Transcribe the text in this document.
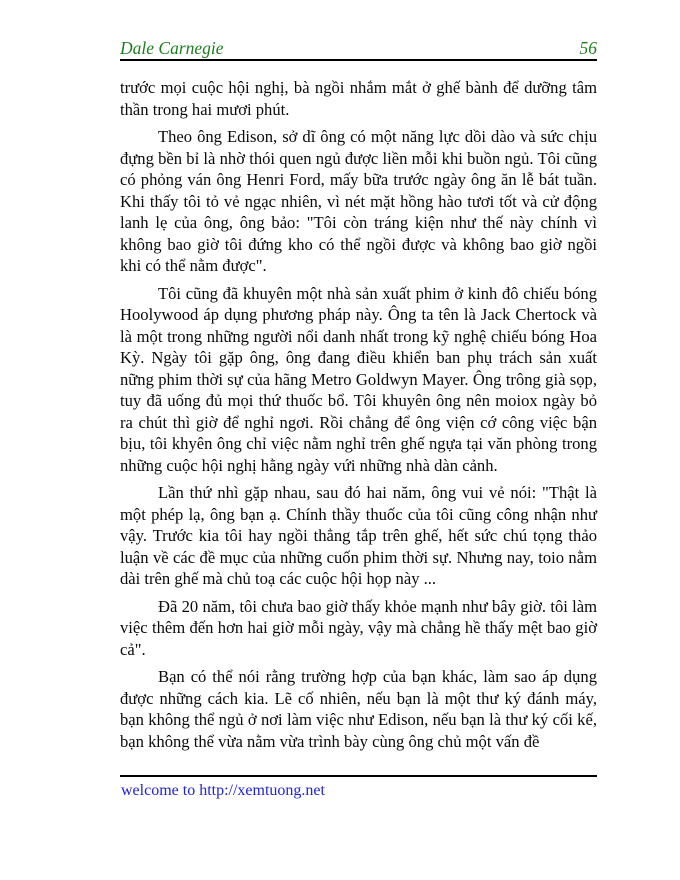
Dale Carnegie	56

trước mọi cuộc hội nghị, bà ngồi nhắm mắt ở ghế bành để dưỡng tâm thần trong hai mươi phút.

Theo ông Edison, sở dĩ ông có một năng lực dồi dào và sức chịu đựng bền bỉ là nhờ thói quen ngủ được liền mỗi khi buồn ngủ. Tôi cũng có phỏng ván ông Henri Ford, mấy bữa trước ngày ông ăn lễ bát tuần. Khi thấy tôi tỏ vẻ ngạc nhiên, vì nét mặt hồng hào tươi tốt và cử động lanh lẹ của ông, ông bảo: "Tôi còn tráng kiện như thế này chính vì không bao giờ tôi đứng kho có thể ngồi được và không bao giờ ngồi khi có thể nằm được".

Tôi cũng đã khuyên một nhà sản xuất phim ở kinh đô chiếu bóng Hoolywood áp dụng phương pháp này. Ông ta tên là Jack Chertock và là một trong những người nổi danh nhất trong kỹ nghệ chiếu bóng Hoa Kỳ. Ngày tôi gặp ông, ông đang điều khiển ban phụ trách sản xuất nững phim thời sự của hãng Metro Goldwyn Mayer. Ông trông già sọp, tuy đã uống đủ mọi thứ thuốc bổ. Tôi khuyên ông nên moiox ngày bỏ ra chút thì giờ để nghỉ ngơi. Rồi chẳng để ông viện cớ công việc bận bịu, tôi khyên ông chỉ việc nằm nghỉ trên ghế ngựa tại văn phòng trong những cuộc hội nghị hằng ngày vứi những nhà dàn cảnh.

Lần thứ nhì gặp nhau, sau đó hai năm, ông vui vẻ nói: "Thật là một phép lạ, ông bạn ạ. Chính thầy thuốc của tôi cũng công nhận như vậy. Trước kia tôi hay ngồi thẳng tắp trên ghế, hết sức chú tọng thảo luận về các đề mục của những cuốn phim thời sự. Nhưng nay, toio nằm dài trên ghế mà chủ toạ các cuộc hội họp này ...

Đã 20 năm, tôi chưa bao giờ thấy khỏe mạnh như bây giờ. tôi làm việc thêm đến hơn hai giờ mỗi ngày, vậy mà chẳng hề thấy mệt bao giờ cả".

Bạn có thể nói rằng trường hợp của bạn khác, làm sao áp dụng được những cách kia. Lẽ cố nhiên, nếu bạn là một thư ký đánh máy, bạn không thể ngủ ở nơi làm việc như Edison, nếu bạn là thư ký cối kế, bạn không thể vừa nằm vừa trình bày cùng ông chủ một vấn đề

welcome to http://xemtuong.net
